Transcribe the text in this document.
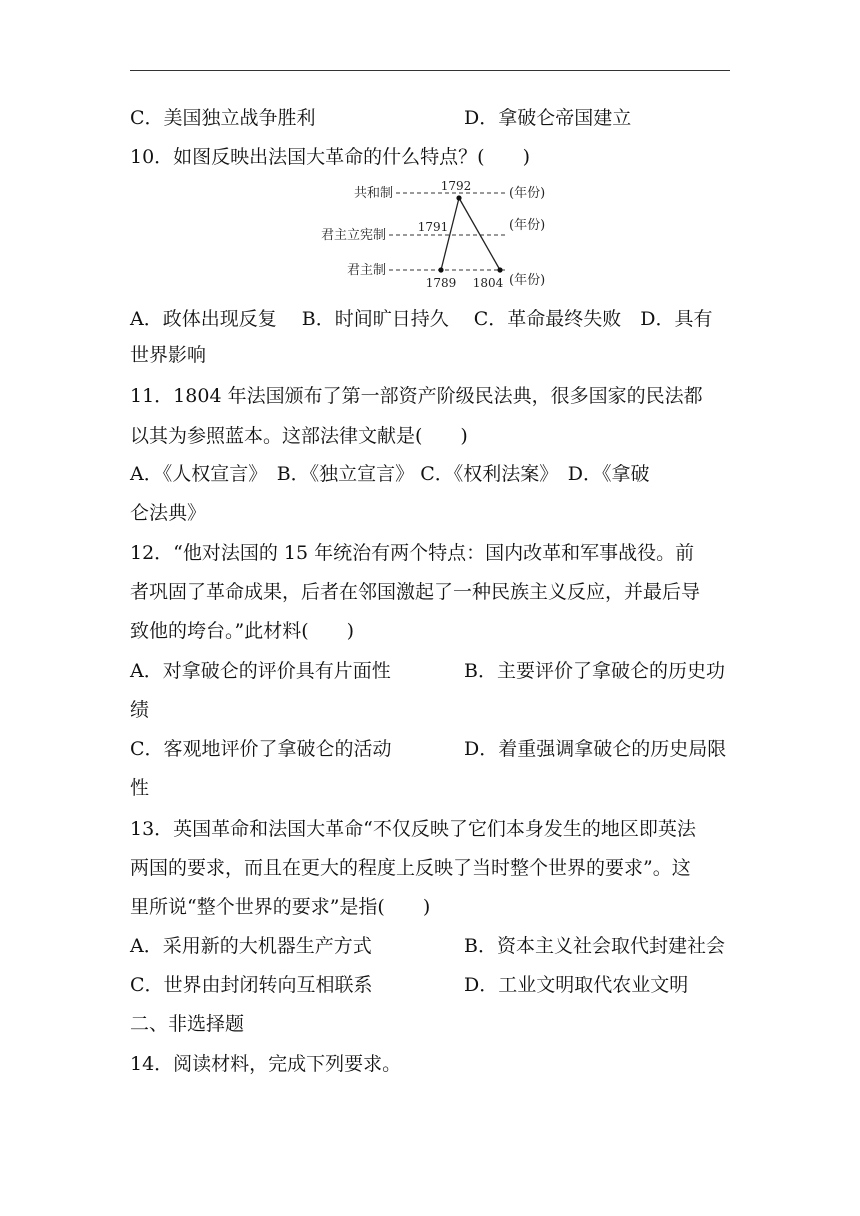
C．美国独立战争胜利	D．拿破仑帝国建立
10．如图反映出法国大革命的什么特点？(　　)
共和制
君主立宪制
君主制
(年份)
(年份)
(年份)
1792
1791
1789 1804
A．政体出现反复　 B．时间旷日持久　 C．革命最终失败　D．具有
世界影响
11．1804 年法国颁布了第一部资产阶级民法典，很多国家的民法都
以其为参照蓝本。这部法律文献是(　　)
A．《人权宣言》　B．《独立宣言》 C．《权利法案》　D．《拿破
仑法典》
12．“他对法国的 15 年统治有两个特点：国内改革和军事战役。前
者巩固了革命成果，后者在邻国激起了一种民族主义反应，并最后导
致他的垮台。”此材料(　　)
A．对拿破仑的评价具有片面性	B．主要评价了拿破仑的历史功
绩
C．客观地评价了拿破仑的活动	D．着重强调拿破仑的历史局限
性
13．英国革命和法国大革命“不仅反映了它们本身发生的地区即英法
两国的要求，而且在更大的程度上反映了当时整个世界的要求”。这
里所说“整个世界的要求”是指(　　)
A．采用新的大机器生产方式	B．资本主义社会取代封建社会
C．世界由封闭转向互相联系	D．工业文明取代农业文明
二、非选择题
14．阅读材料，完成下列要求。
